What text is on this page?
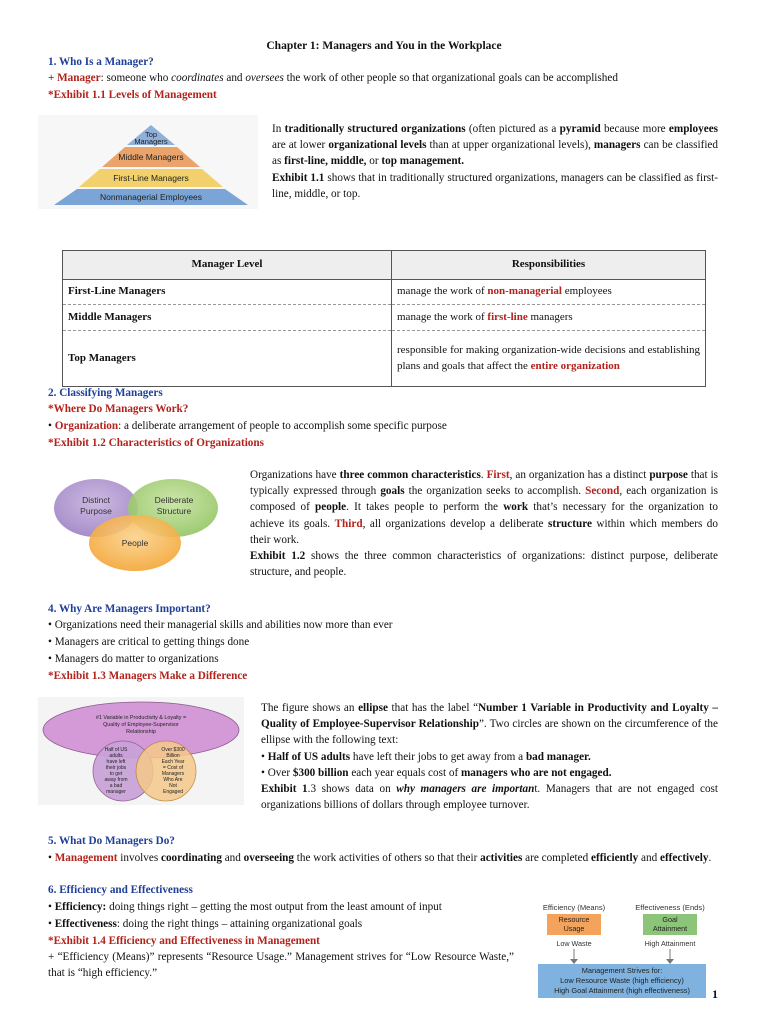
Chapter 1: Managers and You in the Workplace
1. Who Is a Manager?
+ Manager: someone who coordinates and oversees the work of other people so that organizational goals can be accomplished
*Exhibit 1.1 Levels of Management
Top
Managers
Middle Managers
First-Line Managers
Nonmanagerial Employees
In traditionally structured organizations (often pictured as a pyramid because more employees are at lower organizational levels than at upper organizational levels), managers can be classified as first-line, middle, or top management.
Exhibit 1.1 shows that in traditionally structured organizations, managers can be classified as first-line, middle, or top.
Manager Level	Responsibilities
First-Line Managers	manage the work of non-managerial employees
Middle Managers	manage the work of first-line managers
Top Managers	responsible for making organization-wide decisions and establishing plans and goals that affect the entire organization
2. Classifying Managers
*Where Do Managers Work?
• Organization: a deliberate arrangement of people to accomplish some specific purpose
*Exhibit 1.2 Characteristics of Organizations
Distinct
Purpose
Deliberate
Structure
People
Organizations have three common characteristics. First, an organization has a distinct purpose that is typically expressed through goals the organization seeks to accomplish. Second, each organization is composed of people. It takes people to perform the work that’s necessary for the organization to achieve its goals. Third, all organizations develop a deliberate structure within which members do their work.
Exhibit 1.2 shows the three common characteristics of organizations: distinct purpose, deliberate structure, and people.
4. Why Are Managers Important?
• Organizations need their managerial skills and abilities now more than ever
• Managers are critical to getting things done
• Managers do matter to organizations
*Exhibit 1.3 Managers Make a Difference
#1 Variable in Productivity & Loyalty =
Quality of Employee-Supervisor
Relationship
Half of US
adults
have left
their jobs
to get
away from
a bad
manager
Over $300
Billion
Each Year
= Cost of
Managers
Who Are
Not
Engaged
The figure shows an ellipse that has the label “Number 1 Variable in Productivity and Loyalty – Quality of Employee-Supervisor Relationship”. Two circles are shown on the circumference of the ellipse with the following text:
• Half of US adults have left their jobs to get away from a bad manager.
• Over $300 billion each year equals cost of managers who are not engaged.
Exhibit 1.3 shows data on why managers are important. Managers that are not engaged cost organizations billions of dollars through employee turnover.
5. What Do Managers Do?
• Management involves coordinating and overseeing the work activities of others so that their activities are completed efficiently and effectively.
6. Efficiency and Effectiveness
• Efficiency: doing things right – getting the most output from the least amount of input
• Effectiveness: doing the right things – attaining organizational goals
*Exhibit 1.4 Efficiency and Effectiveness in Management
+ “Efficiency (Means)” represents “Resource Usage.” Management strives for “Low Resource Waste,” that is “high efficiency.”
Efficiency (Means)	Effectiveness (Ends)
Resource
Usage
Goal
Attainment
Low Waste	High Attainment
Management Strives for:
Low Resource Waste (high efficiency)
High Goal Attainment (high effectiveness) 1
